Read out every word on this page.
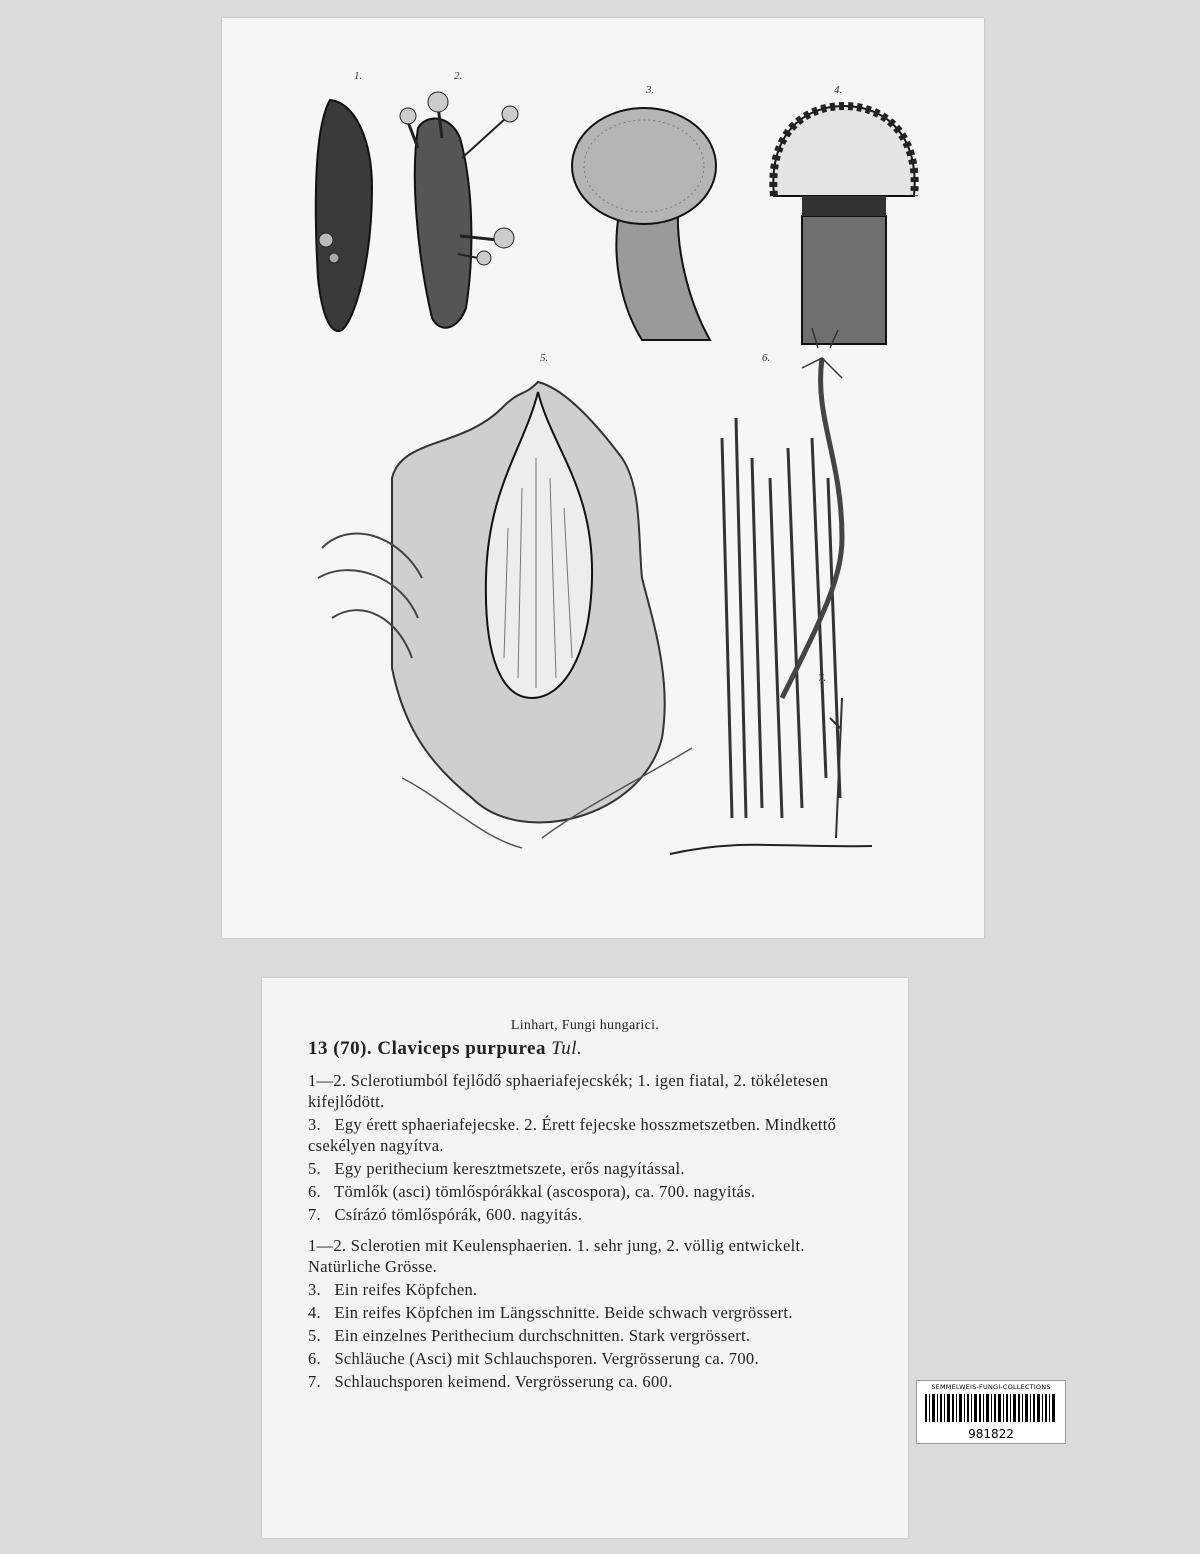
1.	2.
3.	4.
5.	6.
7.
Linhart, Fungi hungarici.
13 (70). Claviceps purpurea Tul.
1—2. Sclerotiumból fejlődő sphaeriafejecskék; 1. igen fiatal, 2. tökéletesen kifejlődött.
3. Egy érett sphaeriafejecske. 2. Érett fejecske hosszmetszetben. Mindkettő csekélyen nagyítva.
5. Egy perithecium keresztmetszete, erős nagyítással.
6. Tömlők (asci) tömlőspórákkal (ascospora), ca. 700. nagyitás.
7. Csírázó tömlőspórák, 600. nagyitás.
1—2. Sclerotien mit Keulensphaerien. 1. sehr jung, 2. völlig entwickelt. Natürliche Grösse.
3. Ein reifes Köpfchen.
4. Ein reifes Köpfchen im Längsschnitte. Beide schwach vergrössert.
5. Ein einzelnes Perithecium durchschnitten. Stark vergrössert.
6. Schläuche (Asci) mit Schlauchsporen. Vergrösserung ca. 700.
7. Schlauchsporen keimend. Vergrösserung ca. 600.	SEMMELWEIS-FUNGI-COLLECTIONS
981822
